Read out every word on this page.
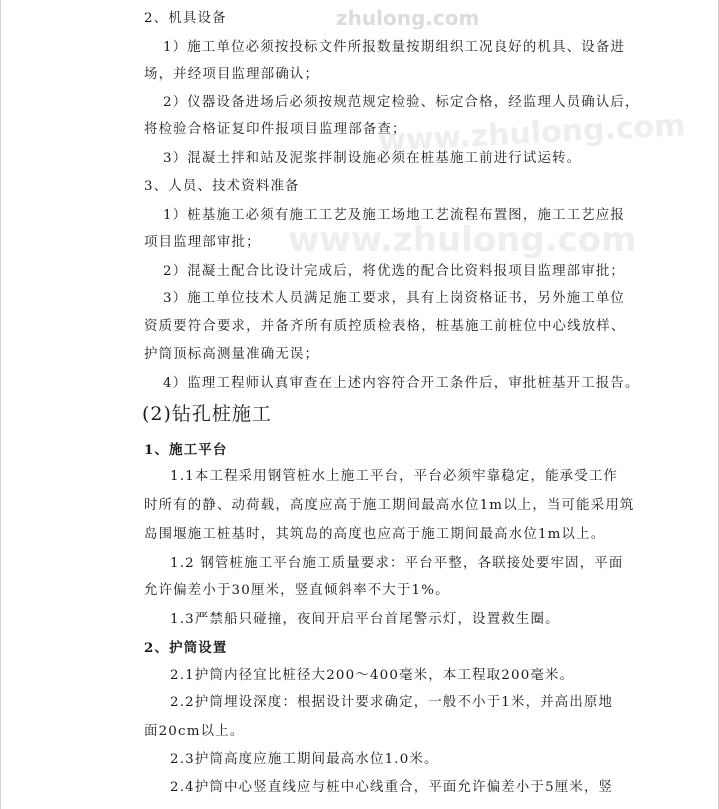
zhulong.com
www.zhulong.com
www.zhulong.com
2、机具设备
1）施工单位必须按投标文件所报数量按期组织工况良好的机具、设备进
场，并经项目监理部确认；
2）仪器设备进场后必须按规范规定检验、标定合格，经监理人员确认后，
将检验合格证复印件报项目监理部备查；
3）混凝土拌和站及泥浆拌制设施必须在桩基施工前进行试运转。
3、人员、技术资料准备
1）桩基施工必须有施工工艺及施工场地工艺流程布置图，施工工艺应报
项目监理部审批；
2）混凝土配合比设计完成后，将优选的配合比资料报项目监理部审批；
3）施工单位技术人员满足施工要求，具有上岗资格证书，另外施工单位
资质要符合要求，并备齐所有质控质检表格，桩基施工前桩位中心线放样、
护筒顶标高测量准确无误；
4）监理工程师认真审查在上述内容符合开工条件后，审批桩基开工报告。
(2)钻孔桩施工
1、施工平台
1.1本工程采用钢管桩水上施工平台，平台必须牢靠稳定，能承受工作
时所有的静、动荷载，高度应高于施工期间最高水位1m以上，当可能采用筑
岛围堰施工桩基时，其筑岛的高度也应高于施工期间最高水位1m以上。
1.2 钢管桩施工平台施工质量要求：平台平整，各联接处要牢固，平面
允许偏差小于30厘米，竖直倾斜率不大于1%。
1.3严禁船只碰撞，夜间开启平台首尾警示灯，设置救生圈。
2、护筒设置
2.1护筒内径宜比桩径大200～400毫米，本工程取200毫米。
2.2护筒埋设深度：根据设计要求确定，一般不小于1米，并高出原地
面20cm以上。
2.3护筒高度应施工期间最高水位1.0米。
2.4护筒中心竖直线应与桩中心线重合，平面允许偏差小于5厘米，竖
